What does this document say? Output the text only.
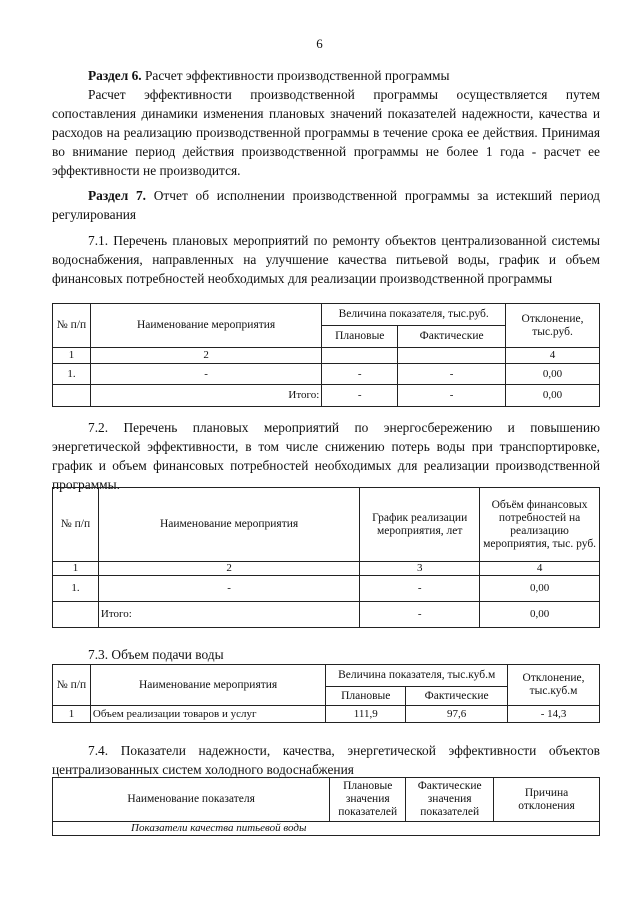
6

Раздел 6. Расчет эффективности производственной программы

Расчет эффективности производственной программы осуществляется путем сопоставления динамики изменения плановых значений показателей надежности, качества и расходов на реализацию производственной программы в течение срока ее действия. Принимая во внимание период действия производственной программы не более 1 года - расчет ее эффективности не производится.

Раздел 7. Отчет об исполнении производственной программы за истекший период регулирования

7.1. Перечень плановых мероприятий по ремонту объектов централизованной системы водоснабжения, направленных на улучшение качества питьевой воды, график и объем финансовых потребностей необходимых для реализации производственной программы

№ п/п	Наименование мероприятия	Величина показателя, тыс.руб.		Отклонение, тыс.руб.
		Плановые	Фактические	
1	2			4
1.	-	-	-	0,00
	Итого:	-	-	0,00

7.2. Перечень плановых мероприятий по энергосбережению и повышению энергетической эффективности, в том числе снижению потерь воды при транспортировке, график и объем финансовых потребностей необходимых для реализации производственной программы.

№ п/п	Наименование мероприятия	График реализации мероприятия, лет	Объём финансовых потребностей на реализацию мероприятия, тыс. руб.
1	2	3	4
1.	-	-	0,00
	Итого:	-	0,00

7.3. Объем подачи воды

№ п/п	Наименование мероприятия	Величина показателя, тыс.куб.м		Отклонение, тыс.куб.м
		Плановые	Фактические	
1	Объем реализации товаров и услуг	111,9	97,6	- 14,3

7.4. Показатели надежности, качества, энергетической эффективности объектов централизованных систем холодного водоснабжения

Наименование показателя	Плановые значения показателей	Фактические значения показателей	Причина отклонения
Показатели качества питьевой воды
